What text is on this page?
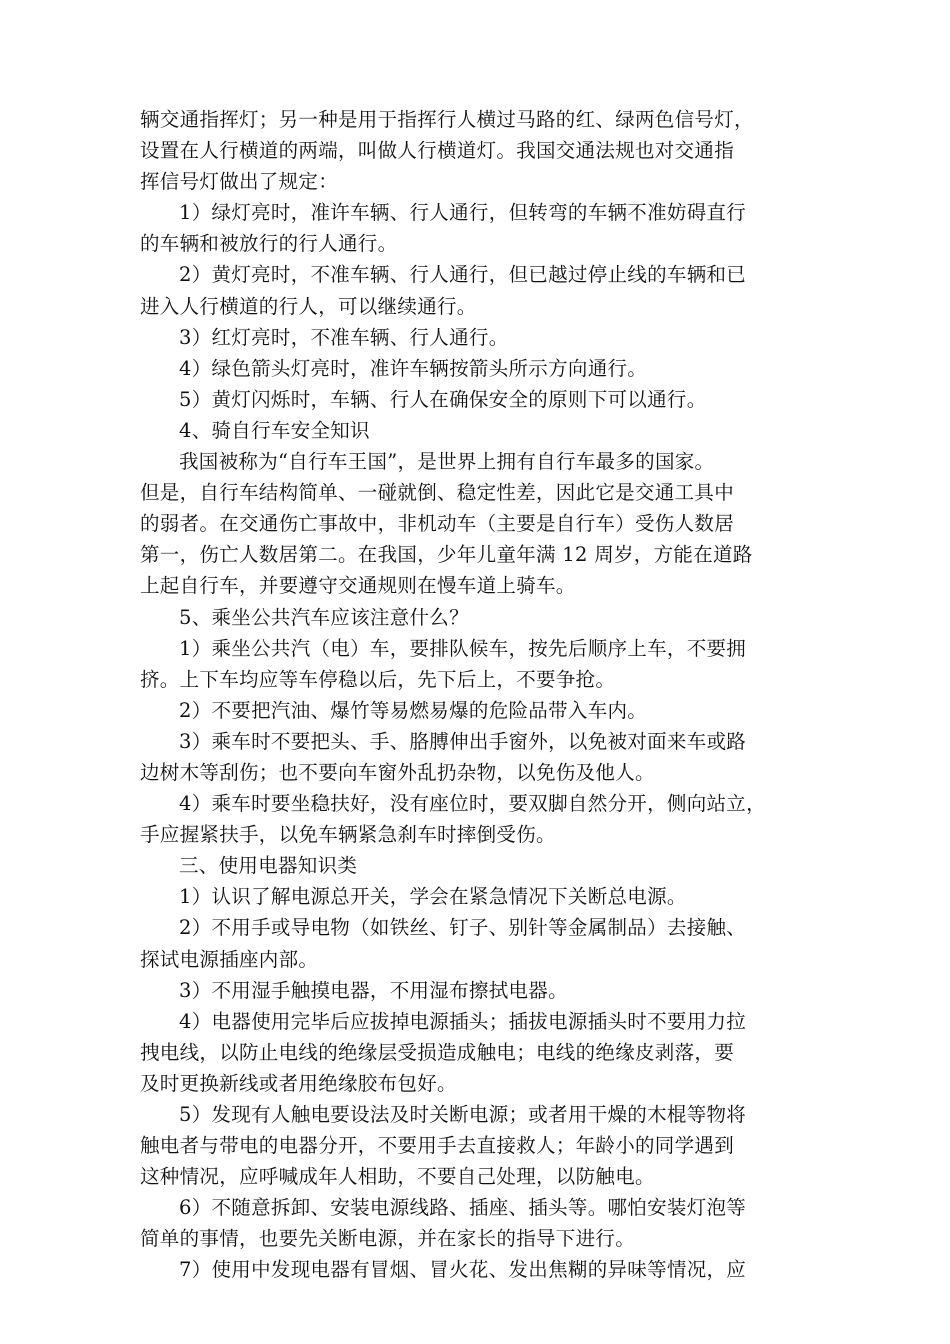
辆交通指挥灯；另一种是用于指挥行人横过马路的红、绿两色信号灯，
设置在人行横道的两端，叫做人行横道灯。我国交通法规也对交通指
挥信号灯做出了规定：
1）绿灯亮时，准许车辆、行人通行，但转弯的车辆不准妨碍直行
的车辆和被放行的行人通行。
2）黄灯亮时，不准车辆、行人通行，但已越过停止线的车辆和已
进入人行横道的行人，可以继续通行。
3）红灯亮时，不准车辆、行人通行。
4）绿色箭头灯亮时，准许车辆按箭头所示方向通行。
5）黄灯闪烁时，车辆、行人在确保安全的原则下可以通行。
4、骑自行车安全知识
我国被称为“自行车王国”，是世界上拥有自行车最多的国家。
但是，自行车结构简单、一碰就倒、稳定性差，因此它是交通工具中
的弱者。在交通伤亡事故中，非机动车（主要是自行车）受伤人数居
第一，伤亡人数居第二。在我国，少年儿童年满 12 周岁，方能在道路
上起自行车，并要遵守交通规则在慢车道上骑车。
5、乘坐公共汽车应该注意什么？
1）乘坐公共汽（电）车，要排队候车，按先后顺序上车，不要拥
挤。上下车均应等车停稳以后，先下后上，不要争抢。
2）不要把汽油、爆竹等易燃易爆的危险品带入车内。
3）乘车时不要把头、手、胳膊伸出手窗外，以免被对面来车或路
边树木等刮伤；也不要向车窗外乱扔杂物，以免伤及他人。
4）乘车时要坐稳扶好，没有座位时，要双脚自然分开，侧向站立，
手应握紧扶手，以免车辆紧急刹车时摔倒受伤。
三、使用电器知识类
1）认识了解电源总开关，学会在紧急情况下关断总电源。
2）不用手或导电物（如铁丝、钉子、别针等金属制品）去接触、
探试电源插座内部。
3）不用湿手触摸电器，不用湿布擦拭电器。
4）电器使用完毕后应拔掉电源插头；插拔电源插头时不要用力拉
拽电线，以防止电线的绝缘层受损造成触电；电线的绝缘皮剥落，要
及时更换新线或者用绝缘胶布包好。
5）发现有人触电要设法及时关断电源；或者用干燥的木棍等物将
触电者与带电的电器分开，不要用手去直接救人；年龄小的同学遇到
这种情况，应呼喊成年人相助，不要自己处理，以防触电。
6）不随意拆卸、安装电源线路、插座、插头等。哪怕安装灯泡等
简单的事情，也要先关断电源，并在家长的指导下进行。
7）使用中发现电器有冒烟、冒火花、发出焦糊的异味等情况，应
